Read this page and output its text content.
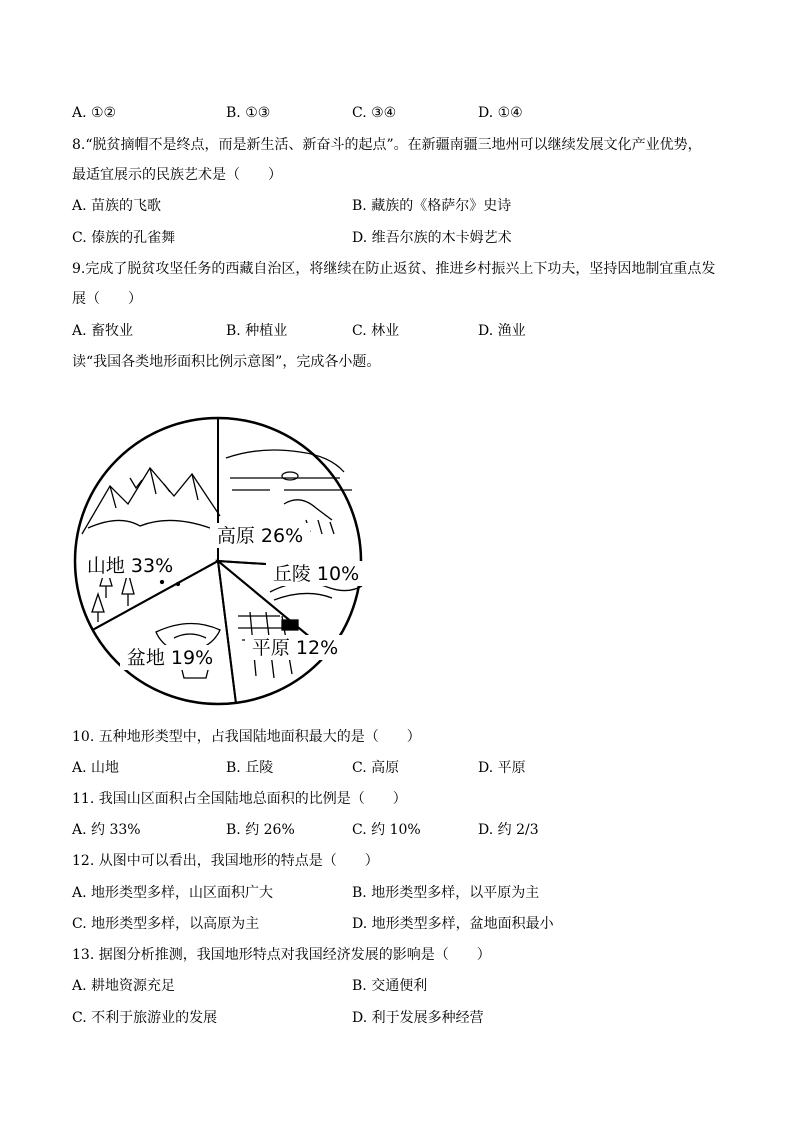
A. ①②	B. ①③	C. ③④	D. ①④
8.“脱贫摘帽不是终点，而是新生活、新奋斗的起点”。在新疆南疆三地州可以继续发展文化产业优势，
最适宜展示的民族艺术是（　　）
A. 苗族的飞歌	B. 藏族的《格萨尔》史诗
C. 傣族的孔雀舞	D. 维吾尔族的木卡姆艺术
9.完成了脱贫攻坚任务的西藏自治区，将继续在防止返贫、推进乡村振兴上下功夫，坚持因地制宜重点发
展（　　）
A. 畜牧业	B. 种植业	C. 林业	D. 渔业
读“我国各类地形面积比例示意图”，完成各小题。
高原 26%
丘陵 10%
平原 12%
盆地 19%
山地 33%
10. 五种地形类型中，占我国陆地面积最大的是（　　）
A. 山地	B. 丘陵	C. 高原	D. 平原
11. 我国山区面积占全国陆地总面积的比例是（　　）
A. 约 33%	B. 约 26%	C. 约 10%	D. 约 2/3
12. 从图中可以看出，我国地形的特点是（　　）
A. 地形类型多样，山区面积广大	B. 地形类型多样，以平原为主
C. 地形类型多样，以高原为主	D. 地形类型多样，盆地面积最小
13. 据图分析推测，我国地形特点对我国经济发展的影响是（　　）
A. 耕地资源充足	B. 交通便利
C. 不利于旅游业的发展	D. 利于发展多种经营
